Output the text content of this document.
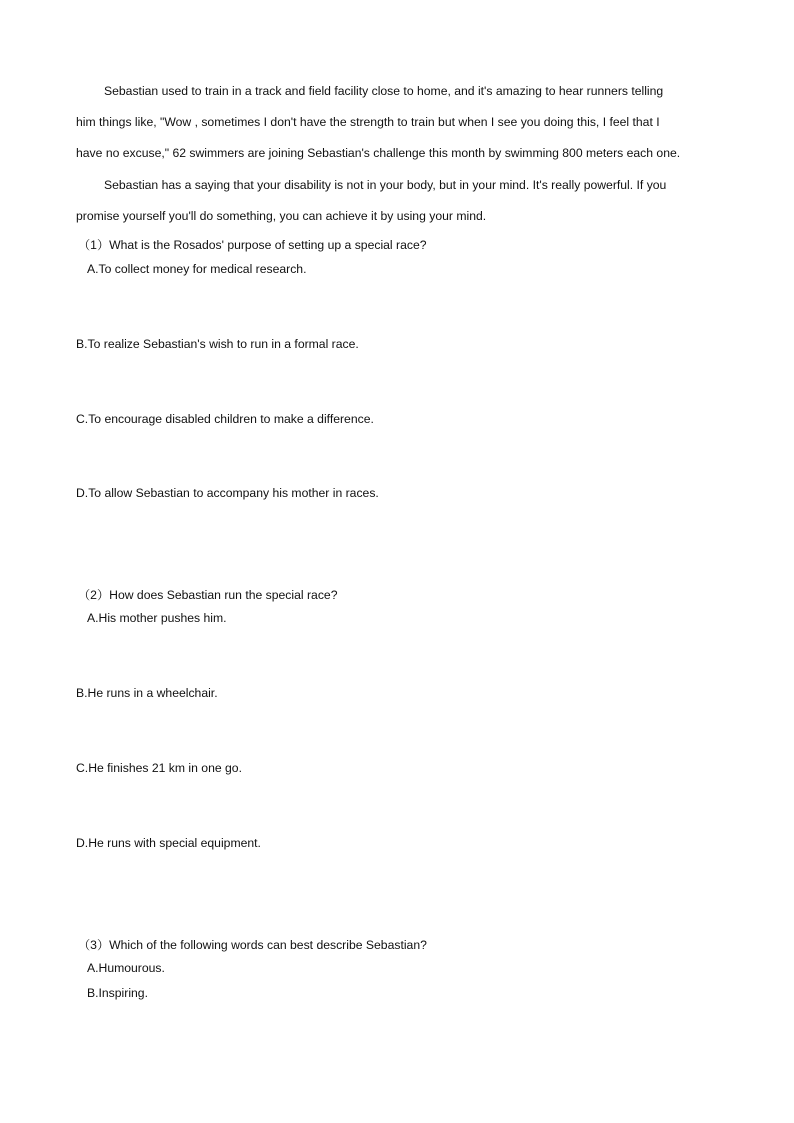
Sebastian used to train in a track and field facility close to home, and it's amazing to hear runners telling
him things like, "Wow , sometimes I don't have the strength to train but when I see you doing this, I feel that I
have no excuse," 62 swimmers are joining Sebastian's challenge this month by swimming 800 meters each one.
Sebastian has a saying that your disability is not in your body, but in your mind. It's really powerful. If you
promise yourself you'll do something, you can achieve it by using your mind.
（1）What is the Rosados' purpose of setting up a special race?
A.To collect money for medical research.
B.To realize Sebastian's wish to run in a formal race.
C.To encourage disabled children to make a difference.
D.To allow Sebastian to accompany his mother in races.
（2）How does Sebastian run the special race?
A.His mother pushes him.
B.He runs in a wheelchair.
C.He finishes 21 km in one go.
D.He runs with special equipment.
（3）Which of the following words can best describe Sebastian?
A.Humourous.
B.Inspiring.
